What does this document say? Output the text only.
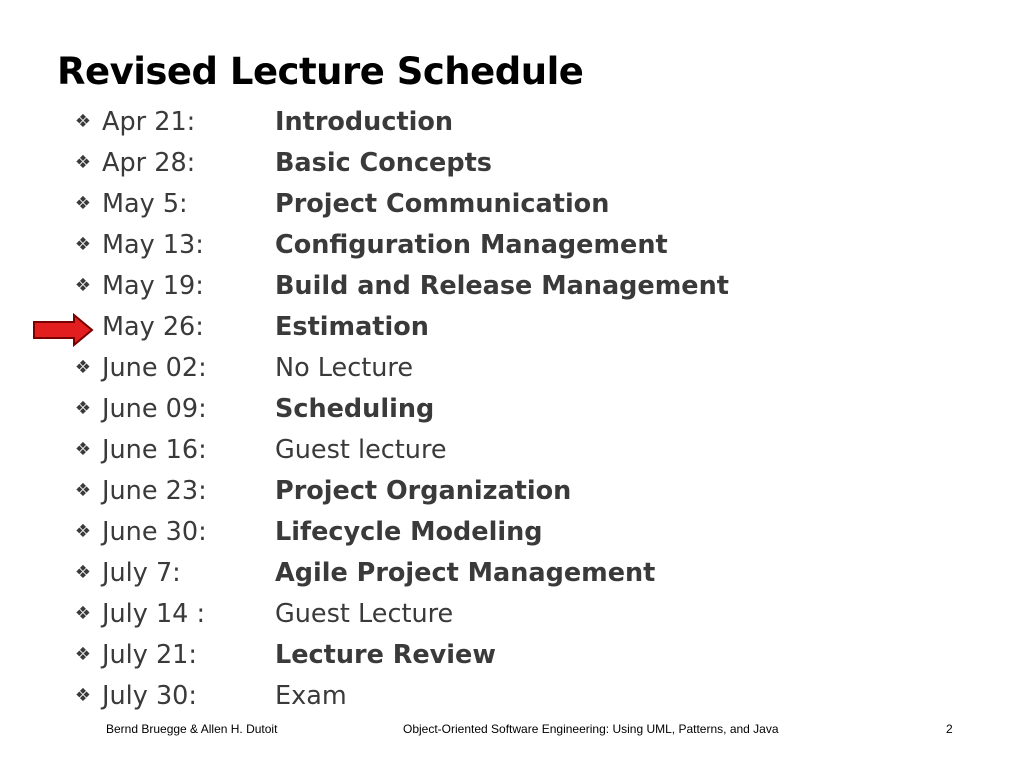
Revised Lecture Schedule
❖ Apr 21:	Introduction
❖ Apr 28:	Basic Concepts
❖ May 5:	Project Communication
❖ May 13:	Configuration Management
❖ May 19:	Build and Release Management
May 26:	Estimation
❖ June 02:	No Lecture
❖ June 09:	Scheduling
❖ June 16:	Guest lecture
❖ June 23:	Project Organization
❖ June 30:	Lifecycle Modeling
❖ July 7:	Agile Project Management
❖ July 14 :	Guest Lecture
❖ July 21:	Lecture Review
❖ July 30:	Exam
Bernd Bruegge & Allen H. Dutoit	Object-Oriented Software Engineering: Using UML, Patterns, and Java	2
